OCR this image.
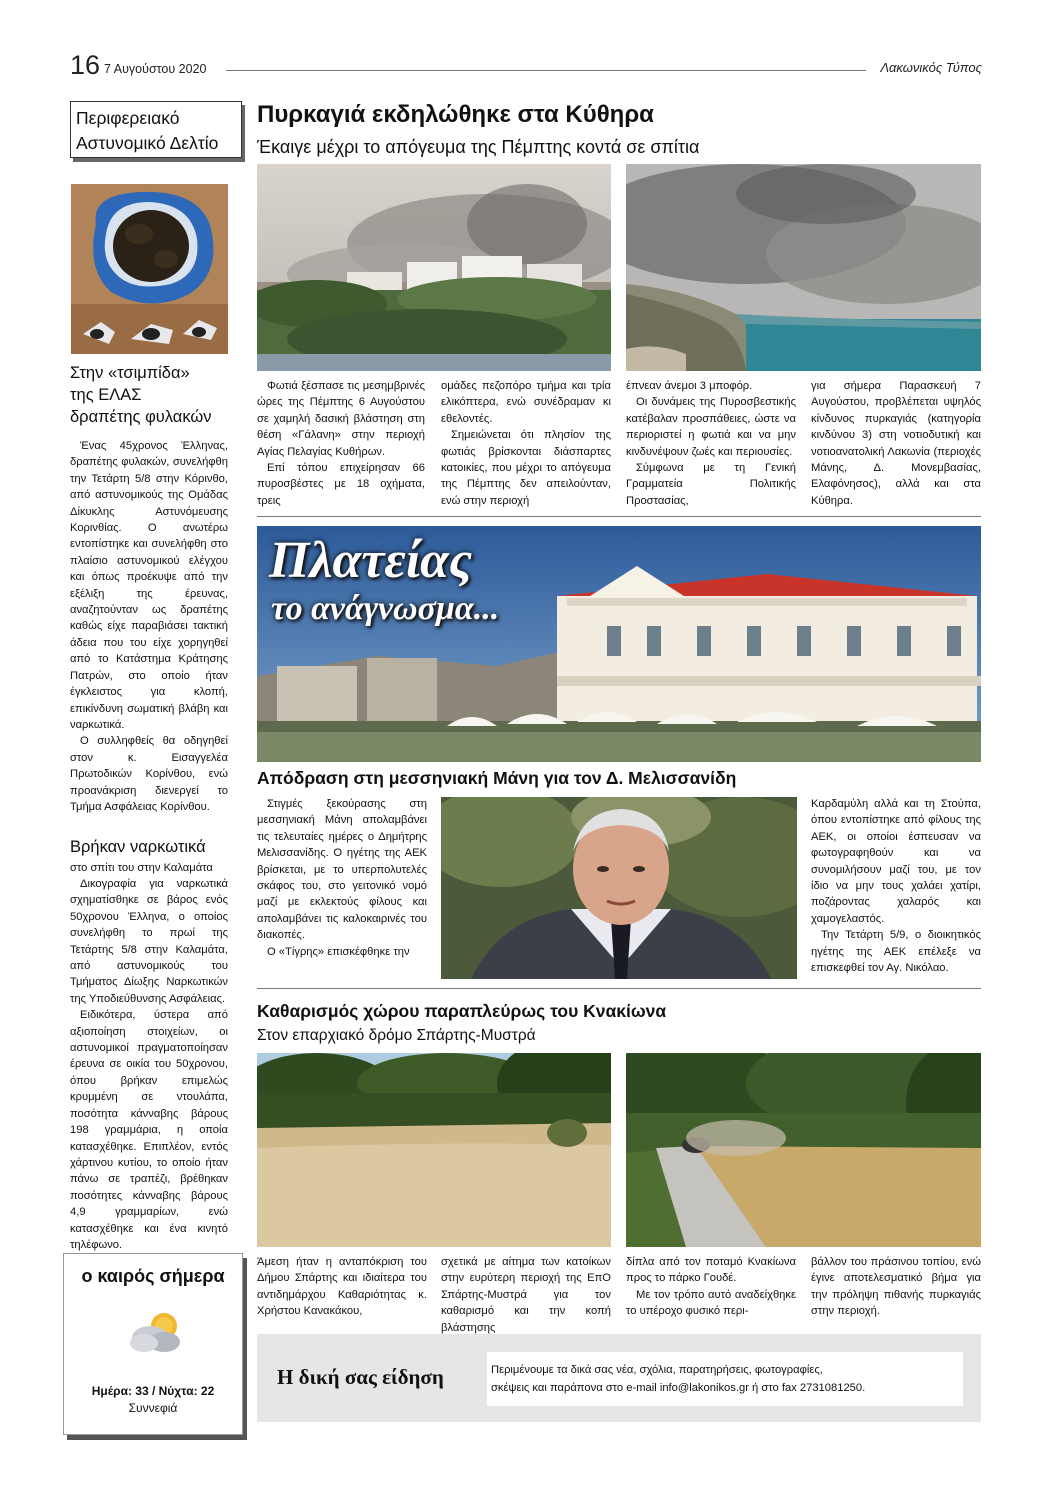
16 7 Αυγούστου 2020	Λακωνικός Τύπος
Περιφερειακό
Αστυνομικό Δελτίο
Στην «τσιμπίδα»
της ΕΛΑΣ
δραπέτης φυλακών

Ένας 45χρονος Έλληνας, δραπέτης φυλακών, συνελήφθη την Τετάρτη 5/8 στην Κόρινθο, από αστυνομικούς της Ομάδας Δίκυκλης Αστυνόμευσης Κορινθίας. Ο ανωτέρω εντοπίστηκε και συνελήφθη στο πλαίσιο αστυνομικού ελέγχου και όπως προέκυψε από την εξέλιξη της έρευνας, αναζητούνταν ως δραπέτης καθώς είχε παραβιάσει τακτική άδεια που του είχε χορηγηθεί από το Κατάστημα Κράτησης Πατρών, στο οποίο ήταν έγκλειστος για κλοπή, επικίνδυνη σωματική βλάβη και ναρκωτικά.

Ο συλληφθείς θα οδηγηθεί στον κ. Εισαγγελέα Πρωτοδικών Κορίνθου, ενώ προανάκριση διενεργεί το Τμήμα Ασφάλειας Κορίνθου.

Βρήκαν ναρκωτικά
στο σπίτι του στην Καλαμάτα

Δικογραφία για ναρκωτικά σχηματίσθηκε σε βάρος ενός 50χρονου Έλληνα, ο οποίος συνελήφθη το πρωί της Τετάρτης 5/8 στην Καλαμάτα, από αστυνομικούς του Τμήματος Δίωξης Ναρκωτικών της Υποδιεύθυνσης Ασφάλειας.

Ειδικότερα, ύστερα από αξιοποίηση στοιχείων, οι αστυνομικοί πραγματοποίησαν έρευνα σε οικία του 50χρονου, όπου βρήκαν επιμελώς κρυμμένη σε ντουλάπα, ποσότητα κάνναβης βάρους 198 γραμμάρια, η οποία κατασχέθηκε. Επιπλέον, εντός χάρτινου κυτίου, το οποίο ήταν πάνω σε τραπέζι, βρέθηκαν ποσότητες κάνναβης βάρους 4,9 γραμμαρίων, ενώ κατασχέθηκε και ένα κινητό τηλέφωνο.

ο καιρός σήμερα
Ημέρα: 33 / Νύχτα: 22
Συννεφιά
Πυρκαγιά εκδηλώθηκε στα Κύθηρα
Έκαιγε μέχρι το απόγευμα της Πέμπτης κοντά σε σπίτια

Φωτιά ξέσπασε τις μεσημβρινές ώρες της Πέμπτης 6 Αυγούστου σε χαμηλή δασική βλάστηση στη θέση «Γάλανη» στην περιοχή Αγίας Πελαγίας Κυθήρων.

Επί τόπου επιχείρησαν 66 πυροσβέστες με 18 οχήματα, τρεις

ομάδες πεζοπόρο τμήμα και τρία ελικόπτερα, ενώ συνέδραμαν κι εθελοντές.

Σημειώνεται ότι πλησίον της φωτιάς βρίσκονται διάσπαρτες κατοικίες, που μέχρι το απόγευμα της Πέμπτης δεν απειλούνταν, ενώ στην περιοχή

έπνεαν άνεμοι 3 μποφόρ.

Οι δυνάμεις της Πυροσβεστικής κατέβαλαν προσπάθειες, ώστε να περιοριστεί η φωτιά και να μην κινδυνέψουν ζωές και περιουσίες.

Σύμφωνα με τη Γενική Γραμματεία Πολιτικής Προστασίας,

για σήμερα Παρασκευή 7 Αυγούστου, προβλέπεται υψηλός κίνδυνος πυρκαγιάς (κατηγορία κινδύνου 3) στη νοτιοδυτική και νοτιοανατολική Λακωνία (περιοχές Μάνης, Δ. Μονεμβασίας, Ελαφόνησος), αλλά και στα Κύθηρα.

Πλατείας
το ανάγνωσμα...
Απόδραση στη μεσσηνιακή Μάνη για τον Δ. Μελισσανίδη

Στιγμές ξεκούρασης στη μεσσηνιακή Μάνη απολαμβάνει τις τελευταίες ημέρες ο Δημήτρης Μελισσανίδης. Ο ηγέτης της ΑΕΚ βρίσκεται, με το υπερπολυτελές σκάφος του, στο γειτονικό νομό μαζί με εκλεκτούς φίλους και απολαμβάνει τις καλοκαιρινές του διακοπές.

Ο «Τίγρης» επισκέφθηκε την

Καρδαμύλη αλλά και τη Στούπα, όπου εντοπίστηκε από φίλους της ΑΕΚ, οι οποίοι έσπευσαν να φωτογραφηθούν και να συνομιλήσουν μαζί του, με τον ίδιο να μην τους χαλάει χατίρι, ποζάροντας χαλαρός και χαμογελαστός.

Την Τετάρτη 5/9, ο διοικητικός ηγέτης της ΑΕΚ επέλεξε να επισκεφθεί τον Αγ. Νικόλαο.

Καθαρισμός χώρου παραπλεύρως του Κνακίωνα
Στον επαρχιακό δρόμο Σπάρτης-Μυστρά

Άμεση ήταν η ανταπόκριση του Δήμου Σπάρτης και ιδιαίτερα του αντιδημάρχου Καθαριότητας κ. Χρήστου Κανακάκου,

σχετικά με αίτημα των κατοίκων στην ευρύτερη περιοχή της ΕπΟ Σπάρτης-Μυστρά για τον καθαρισμό και την κοπή βλάστησης

δίπλα από τον ποταμό Κνακίωνα προς το πάρκο Γουδέ.

Με τον τρόπο αυτό αναδείχθηκε το υπέροχο φυσικό περι-

βάλλον του πράσινου τοπίου, ενώ έγινε αποτελεσματικό βήμα για την πρόληψη πιθανής πυρκαγιάς στην περιοχή.

Η δική σας είδηση	Περιμένουμε τα δικά σας νέα, σχόλια, παρατηρήσεις, φωτογραφίες,
σκέψεις και παράπονα στο e-mail info@lakonikos.gr ή στο fax 2731081250.
